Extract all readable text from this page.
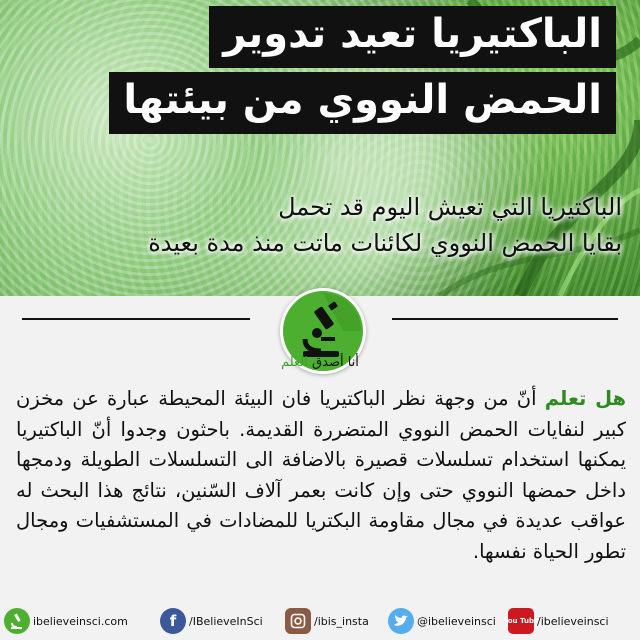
الباكتيريا تعيد تدوير
الحمض النووي من بيئتها
الباكتيريا التي تعيش اليوم قد تحمل
بقايا الحمض النووي لكائنات ماتت منذ مدة بعيدة
أنا أصدق العلم
هل تعلم أنّ من وجهة نظر الباكتيريا فان البيئة المحيطة عبارة عن مخزن كبير لنفايات الحمض النووي المتضررة القديمة. باحثون وجدوا أنّ الباكتيريا يمكنها استخدام تسلسلات قصيرة بالاضافة الى التسلسلات الطويلة ودمجها داخل حمضها النووي حتى وإن كانت بعمر آلاف السّنين، نتائج هذا البحث له عواقب عديدة في مجال مقاومة البكتريا للمضادات في المستشفيات ومجال تطور الحياة نفسها.
ibelieveinsci.com	f	/IBelieveInSci	/ibis_insta	@ibelieveinsci You Tube
/ibelieveinsci
